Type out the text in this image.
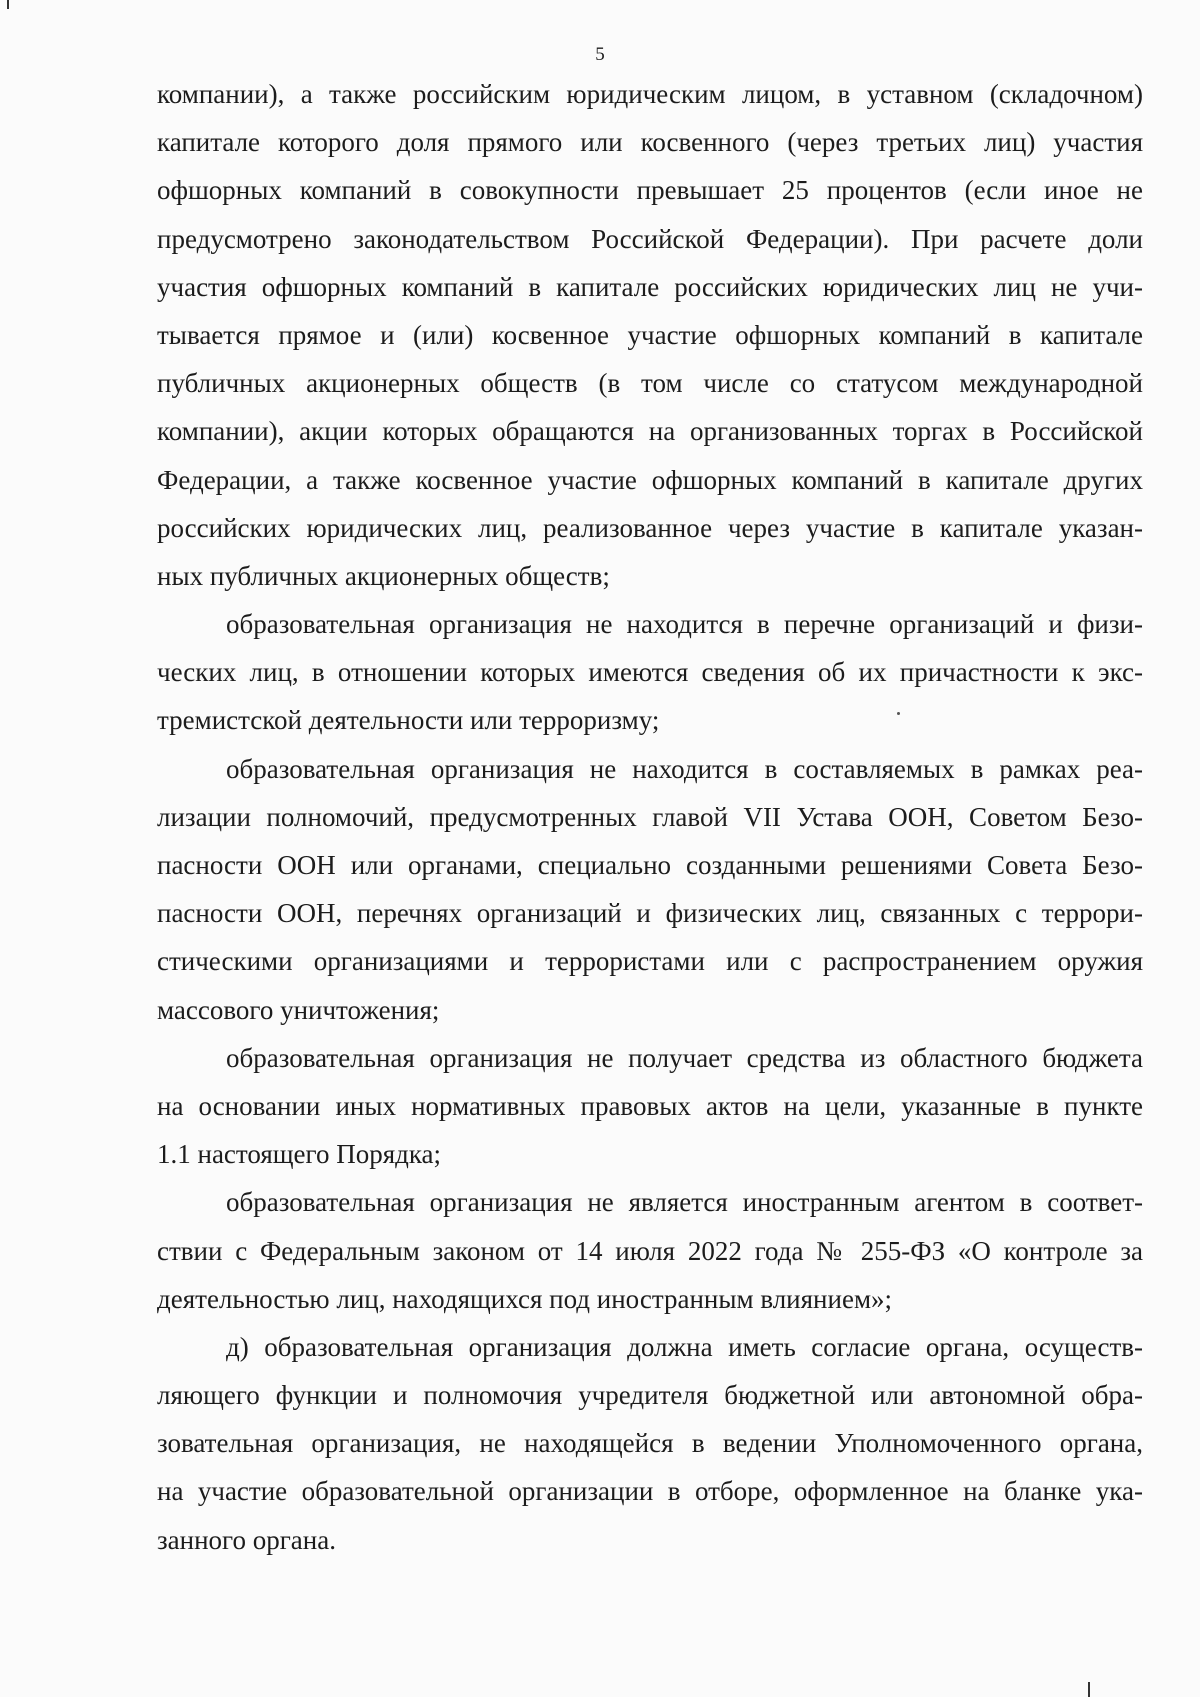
5
компании), а также российским юридическим лицом, в уставном (складочном)
капитале которого доля прямого или косвенного (через третьих лиц) участия
офшорных компаний в совокупности превышает 25 процентов (если иное не
предусмотрено законодательством Российской Федерации). При расчете доли
участия офшорных компаний в капитале российских юридических лиц не учи-
тывается прямое и (или) косвенное участие офшорных компаний в капитале
публичных акционерных обществ (в том числе со статусом международной
компании), акции которых обращаются на организованных торгах в Российской
Федерации, а также косвенное участие офшорных компаний в капитале других
российских юридических лиц, реализованное через участие в капитале указан-
ных публичных акционерных обществ;
образовательная организация не находится в перечне организаций и физи-
ческих лиц, в отношении которых имеются сведения об их причастности к экс-
тремистской деятельности или терроризму;
образовательная организация не находится в составляемых в рамках реа-
лизации полномочий, предусмотренных главой VII Устава ООН, Советом Безо-
пасности ООН или органами, специально созданными решениями Совета Безо-
пасности ООН, перечнях организаций и физических лиц, связанных с террори-
стическими организациями и террористами или с распространением оружия
массового уничтожения;
образовательная организация не получает средства из областного бюджета
на основании иных нормативных правовых актов на цели, указанные в пункте
1.1 настоящего Порядка;
образовательная организация не является иностранным агентом в соответ-
ствии с Федеральным законом от 14 июля 2022 года № 255-ФЗ «О контроле за
деятельностью лиц, находящихся под иностранным влиянием»;
д) образовательная организация должна иметь согласие органа, осуществ-
ляющего функции и полномочия учредителя бюджетной или автономной обра-
зовательная организация, не находящейся в ведении Уполномоченного органа,
на участие образовательной организации в отборе, оформленное на бланке ука-
занного органа.
